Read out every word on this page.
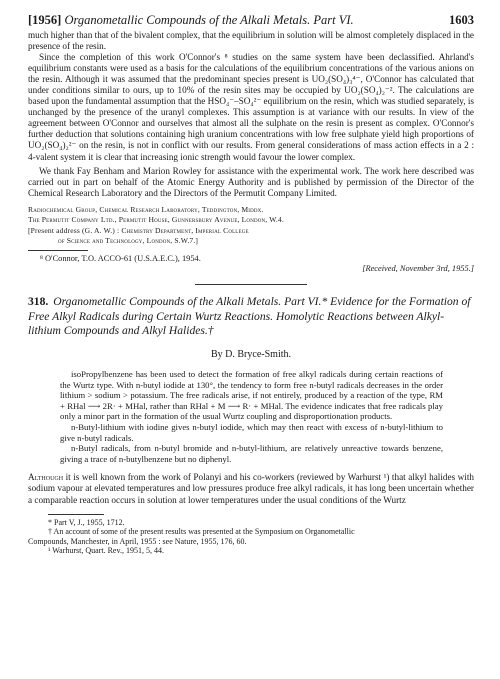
[1956] Organometallic Compounds of the Alkali Metals. Part VI.	1603

much higher than that of the bivalent complex, that the equilibrium in solution will be almost completely displaced in the presence of the resin.

Since the completion of this work O'Connor's ⁸ studies on the same system have been declassified. Ahrland's equilibrium constants were used as a basis for the calculations of the equilibrium concentrations of the various anions on the resin. Although it was assumed that the predominant species present is UO₂(SO₄)₃⁴⁻, O'Connor has calculated that under conditions similar to ours, up to 10% of the resin sites may be occupied by UO₂(SO₄)₂⁻². The calculations are based upon the fundamental assumption that the HSO₄⁻–SO₄²⁻ equilibrium on the resin, which was studied separately, is unchanged by the presence of the uranyl complexes. This assumption is at variance with our results. In view of the agreement between O'Connor and ourselves that almost all the sulphate on the resin is present as complex. O'Connor's further deduction that solutions containing high uranium concentrations with low free sulphate yield high proportions of UO₂(SO₄)₂²⁻ on the resin, is not in conflict with our results. From general considerations of mass action effects in a 2 : 4-valent system it is clear that increasing ionic strength would favour the lower complex.

We thank Fay Benham and Marion Rowley for assistance with the experimental work. The work here described was carried out in part on behalf of the Atomic Energy Authority and is published by permission of the Director of the Chemical Research Laboratory and the Directors of the Permutit Company Limited.

Radiochemical Group, Chemical Research Laboratory, Teddington, Middx.
The Permutit Company Ltd., Permutit House, Gunnersbury Avenue, London, W.4.
[Present address (G. A. W.) : Chemistry Department, Imperial College
of Science and Technology, London, S.W.7.]
⁸ O'Connor, T.O. ACCO-61 (U.S.A.E.C.), 1954.
[Received, November 3rd, 1955.]
318. Organometallic Compounds of the Alkali Metals. Part VI.* Evidence for the Formation of Free Alkyl Radicals during Certain Wurtz Reactions. Homolytic Reactions between Alkyl-lithium Compounds and Alkyl Halides.†
By D. Bryce-Smith.

isoPropylbenzene has been used to detect the formation of free alkyl radicals during certain reactions of the Wurtz type. With n-butyl iodide at 130°, the tendency to form free n-butyl radicals decreases in the order lithium > sodium > potassium. The free radicals arise, if not entirely, produced by a reaction of the type, RM + RHal ⟶ 2R· + MHal, rather than RHal + M ⟶ R· + MHal. The evidence indicates that free radicals play only a minor part in the formation of the usual Wurtz coupling and disproportionation products.

n-Butyl-lithium with iodine gives n-butyl iodide, which may then react with excess of n-butyl-lithium to give n-butyl radicals.

n-Butyl radicals, from n-butyl bromide and n-butyl-lithium, are relatively unreactive towards benzene, giving a trace of n-butylbenzene but no diphenyl.

Although it is well known from the work of Polanyi and his co-workers (reviewed by Warhurst ¹) that alkyl halides with sodium vapour at elevated temperatures and low pressures produce free alkyl radicals, it has long been uncertain whether a comparable reaction occurs in solution at lower temperatures under the usual conditions of the Wurtz
* Part V, J., 1955, 1712.
† An account of some of the present results was presented at the Symposium on Organometallic
Compounds, Manchester, in April, 1955 : see Nature, 1955, 176, 60.
¹ Warhurst, Quart. Rev., 1951, 5, 44.
